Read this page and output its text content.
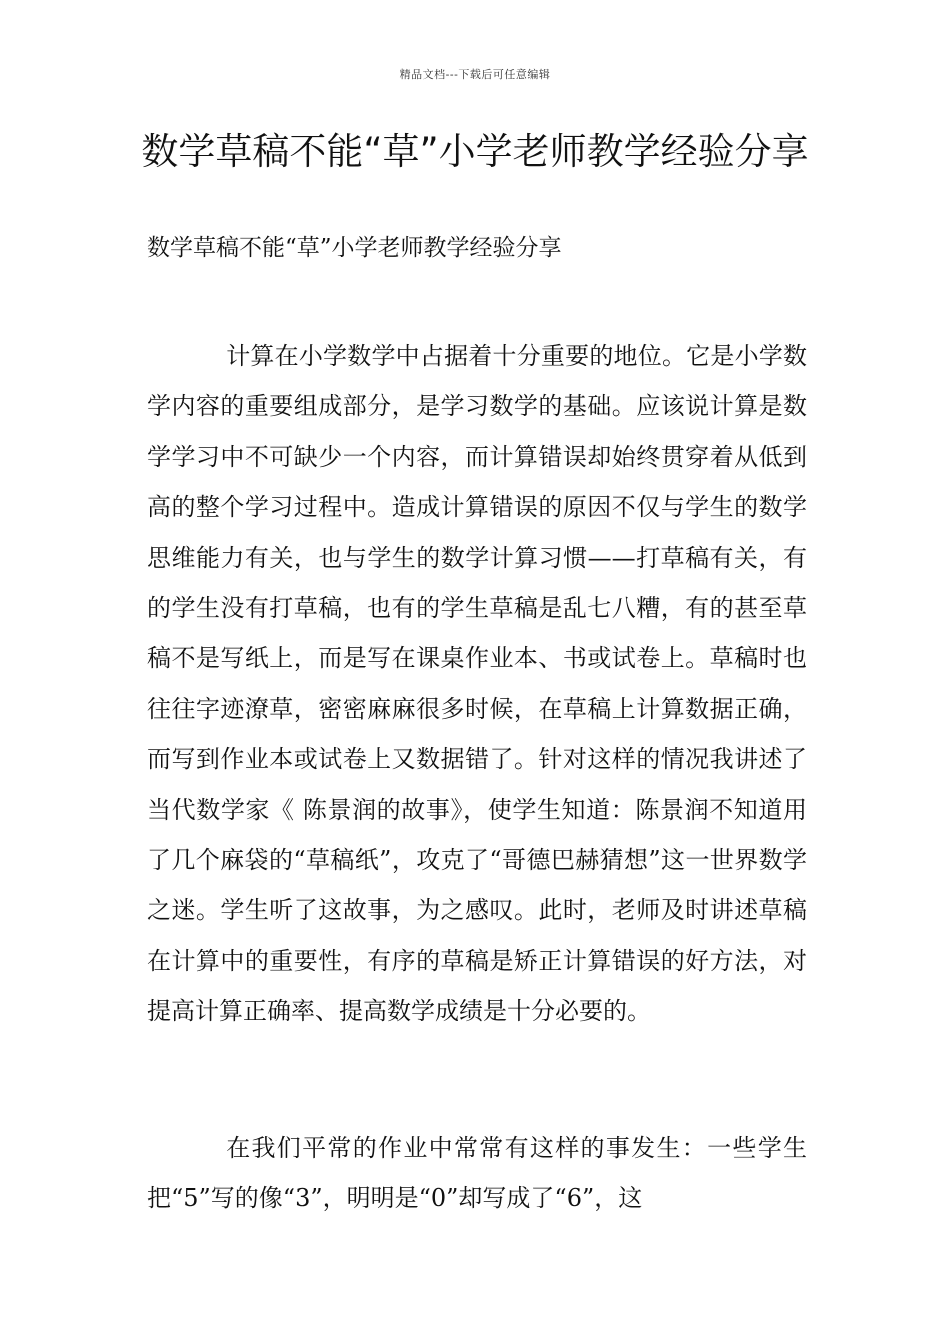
精品文档---下载后可任意编辑
数学草稿不能“草”小学老师教学经验分享

数学草稿不能“草”小学老师教学经验分享

计算在小学数学中占据着十分重要的地位。它是小学数学内容的重要组成部分，是学习数学的基础。应该说计算是数学学习中不可缺少一个内容，而计算错误却始终贯穿着从低到高的整个学习过程中。造成计算错误的原因不仅与学生的数学思维能力有关，也与学生的数学计算习惯——打草稿有关，有的学生没有打草稿，也有的学生草稿是乱七八糟，有的甚至草稿不是写纸上，而是写在课桌作业本、书或试卷上。草稿时也往往字迹潦草，密密麻麻很多时候，在草稿上计算数据正确，而写到作业本或试卷上又数据错了。针对这样的情况我讲述了当代数学家《 陈景润的故事》，使学生知道：陈景润不知道用了几个麻袋的“草稿纸”，攻克了“哥德巴赫猜想”这一世界数学之迷。学生听了这故事，为之感叹。此时，老师及时讲述草稿在计算中的重要性，有序的草稿是矫正计算错误的好方法，对提高计算正确率、提高数学成绩是十分必要的。

在我们平常的作业中常常有这样的事发生：一些学生把“5”写的像“3”，明明是“0”却写成了“6”，这
